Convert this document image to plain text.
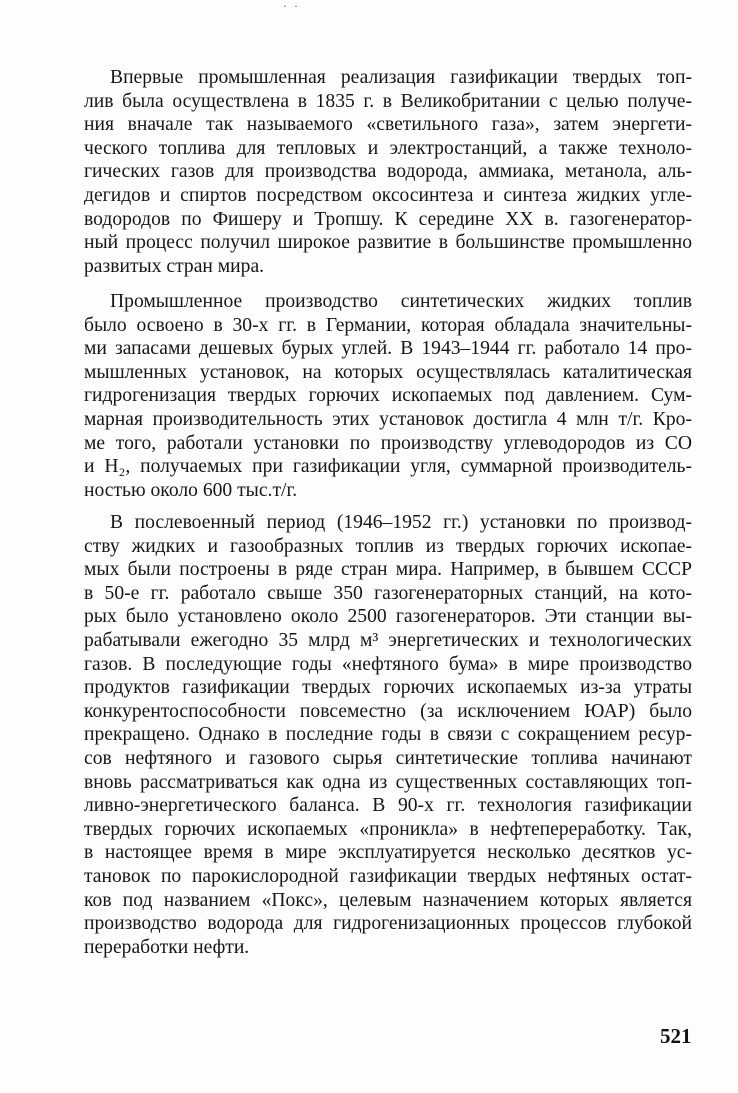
· ·
Впервые промышленная реализация газификации твердых топ-
лив была осуществлена в 1835 г. в Великобритании с целью получе-
ния вначале так называемого «светильного газа», затем энергети-
ческого топлива для тепловых и электростанций, а также техноло-
гических газов для производства водорода, аммиака, метанола, аль-
дегидов и спиртов посредством оксосинтеза и синтеза жидких угле-
водородов по Фишеру и Тропшу. К середине XX в. газогенератор-
ный процесс получил широкое развитие в большинстве промышленно
развитых стран мира.
Промышленное производство синтетических жидких топлив
было освоено в 30-х гг. в Германии, которая обладала значительны-
ми запасами дешевых бурых углей. В 1943–1944 гг. работало 14 про-
мышленных установок, на которых осуществлялась каталитическая
гидрогенизация твердых горючих ископаемых под давлением. Сум-
марная производительность этих установок достигла 4 млн т/г. Кро-
ме того, работали установки по производству углеводородов из CO
и H₂, получаемых при газификации угля, суммарной производитель-
ностью около 600 тыс.т/г.
В послевоенный период (1946–1952 гг.) установки по производ-
ству жидких и газообразных топлив из твердых горючих ископае-
мых были построены в ряде стран мира. Например, в бывшем СССР
в 50-е гг. работало свыше 350 газогенераторных станций, на кото-
рых было установлено около 2500 газогенераторов. Эти станции вы-
рабатывали ежегодно 35 млрд м³ энергетических и технологических
газов. В последующие годы «нефтяного бума» в мире производство
продуктов газификации твердых горючих ископаемых из-за утраты
конкурентоспособности повсеместно (за исключением ЮАР) было
прекращено. Однако в последние годы в связи с сокращением ресур-
сов нефтяного и газового сырья синтетические топлива начинают
вновь рассматриваться как одна из существенных составляющих топ-
ливно-энергетического баланса. В 90-х гг. технология газификации
твердых горючих ископаемых «проникла» в нефтепереработку. Так,
в настоящее время в мире эксплуатируется несколько десятков ус-
тановок по парокислородной газификации твердых нефтяных остат-
ков под названием «Покс», целевым назначением которых является
производство водорода для гидрогенизационных процессов глубокой
переработки нефти.
521
